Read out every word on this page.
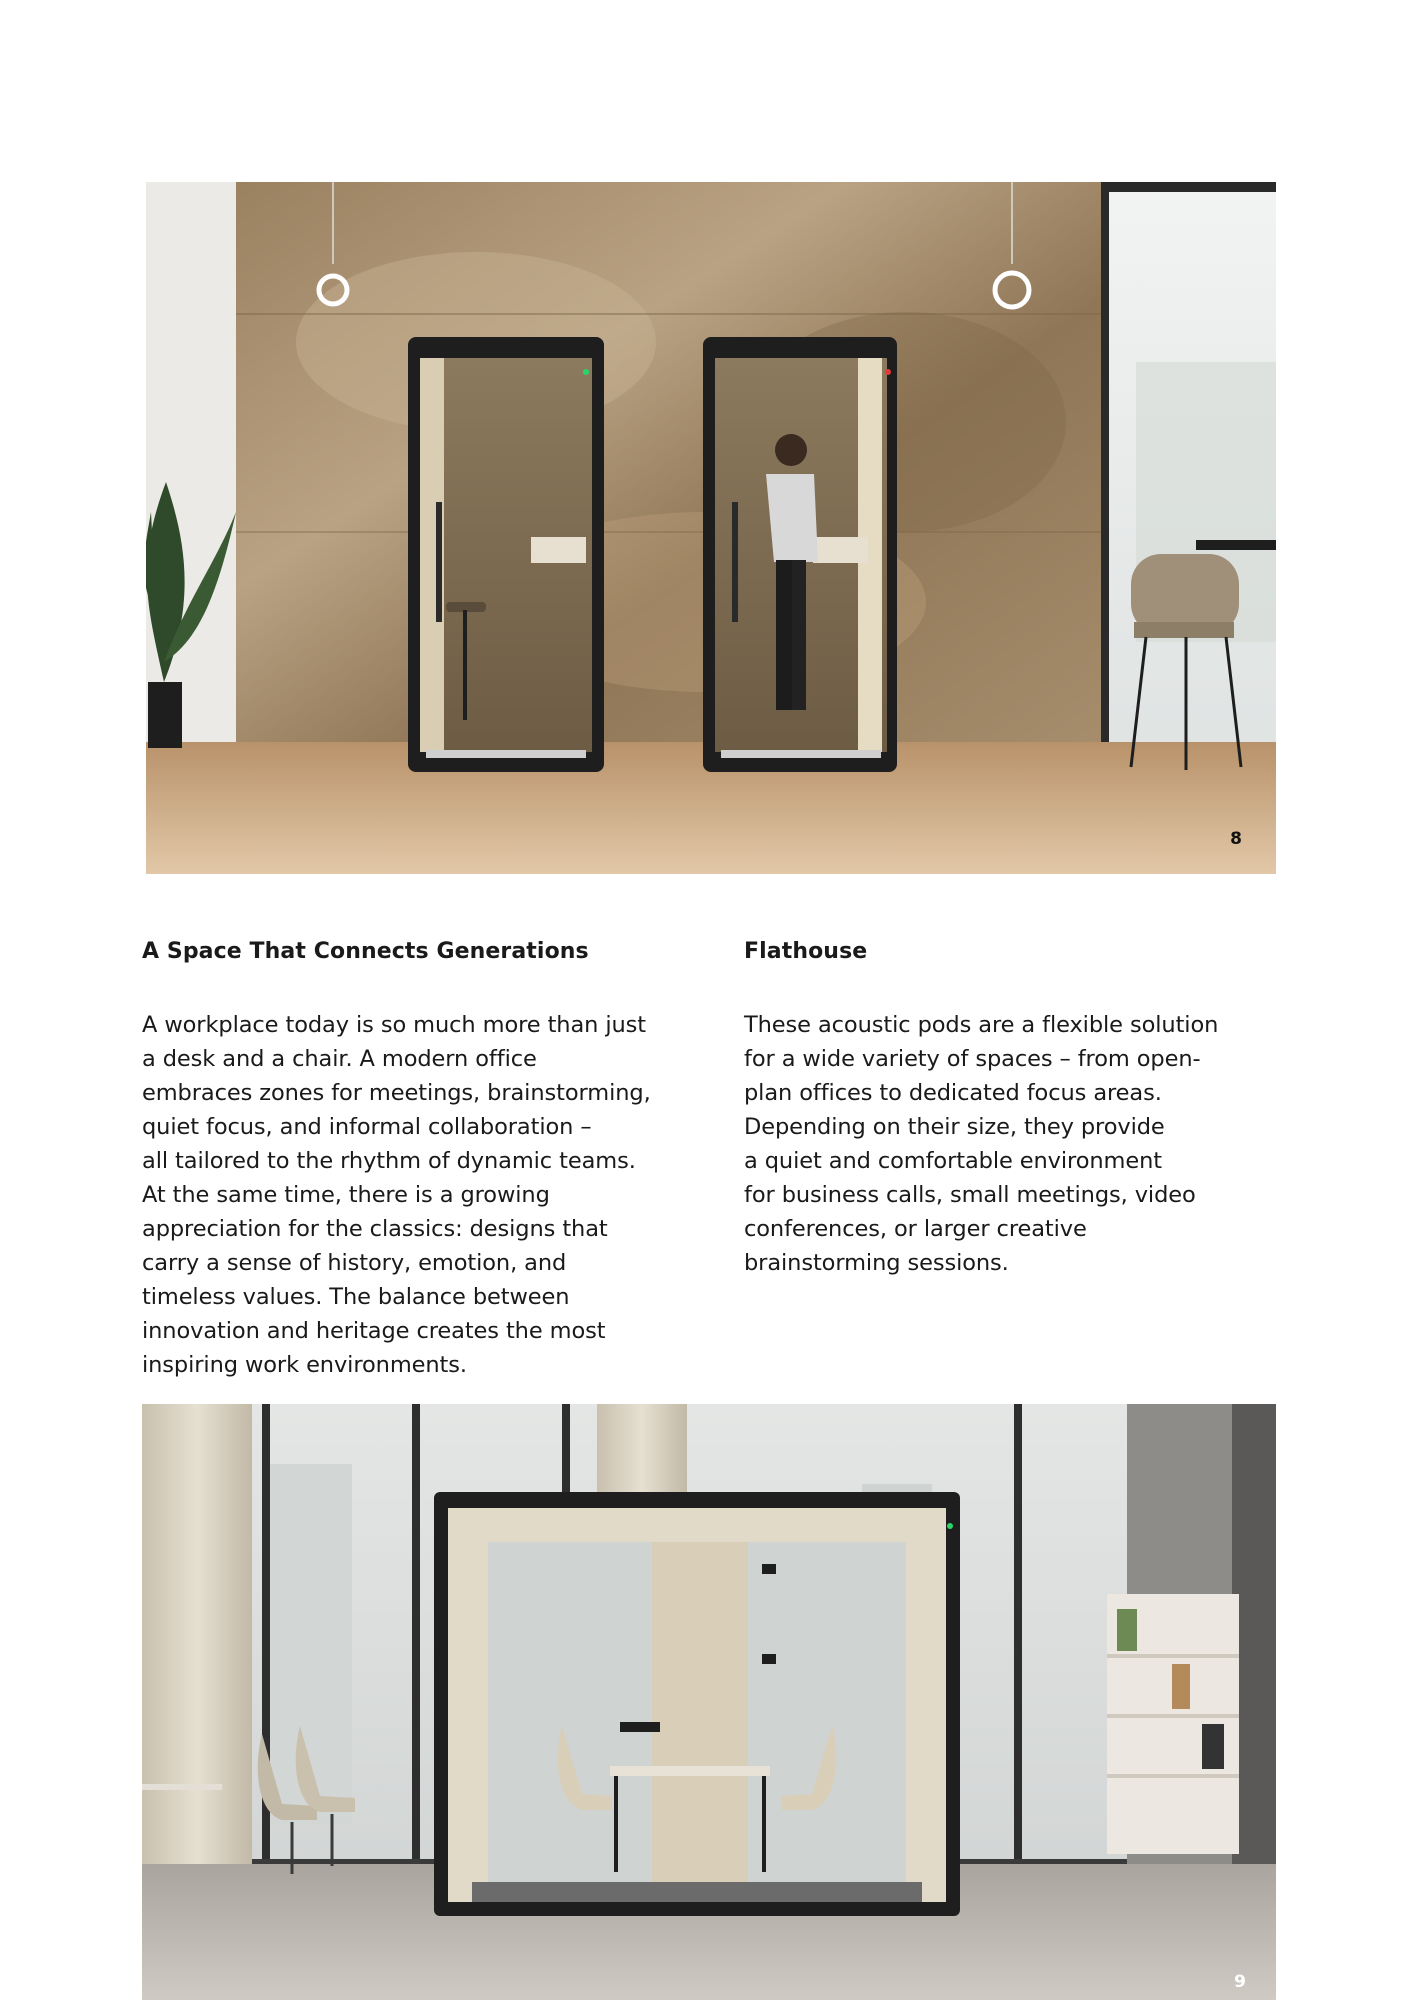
8
A Space That Connects Generations

A workplace today is so much more than just
a desk and a chair. A modern office
embraces zones for meetings, brainstorming,
quiet focus, and informal collaboration –
all tailored to the rhythm of dynamic teams.
At the same time, there is a growing
appreciation for the classics: designs that
carry a sense of history, emotion, and
timeless values. The balance between
innovation and heritage creates the most
inspiring work environments.

Flathouse

These acoustic pods are a flexible solution
for a wide variety of spaces – from open-
plan offices to dedicated focus areas.
Depending on their size, they provide
a quiet and comfortable environment
for business calls, small meetings, video
conferences, or larger creative
brainstorming sessions.

9
